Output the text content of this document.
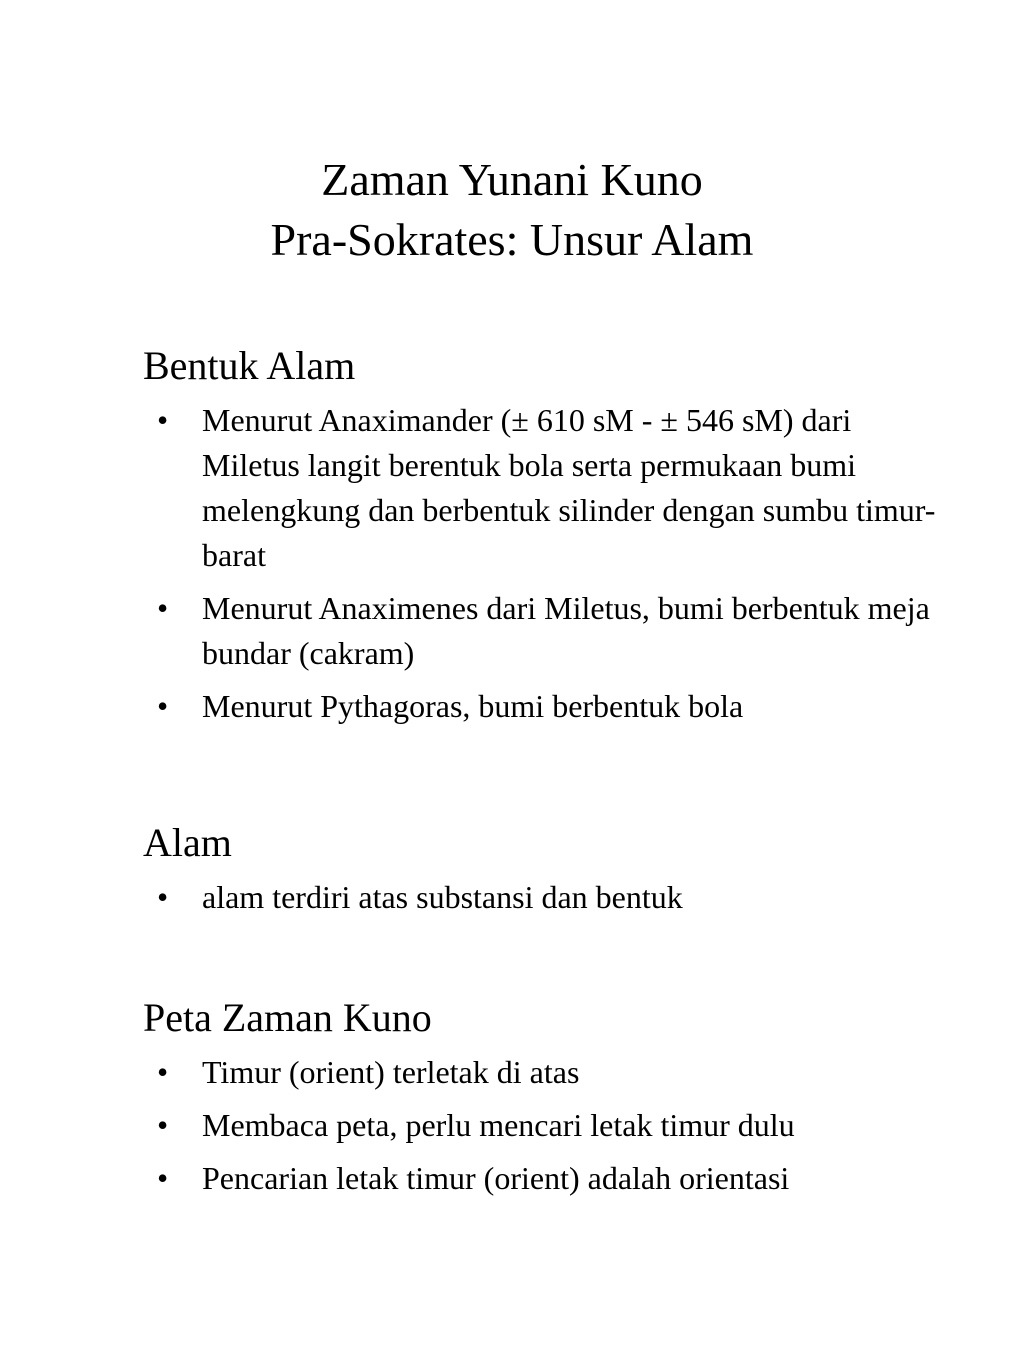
Zaman Yunani Kuno
Pra-Sokrates: Unsur Alam
Bentuk Alam
• Menurut Anaximander (± 610 sM - ± 546 sM) dari Miletus langit berentuk bola serta permukaan bumi melengkung dan berbentuk silinder dengan sumbu timur-barat
• Menurut Anaximenes dari Miletus, bumi berbentuk meja bundar (cakram)
• Menurut Pythagoras, bumi berbentuk bola
Alam
• alam terdiri atas substansi dan bentuk
Peta Zaman Kuno
• Timur (orient) terletak di atas
• Membaca peta, perlu mencari letak timur dulu
• Pencarian letak timur (orient) adalah orientasi
